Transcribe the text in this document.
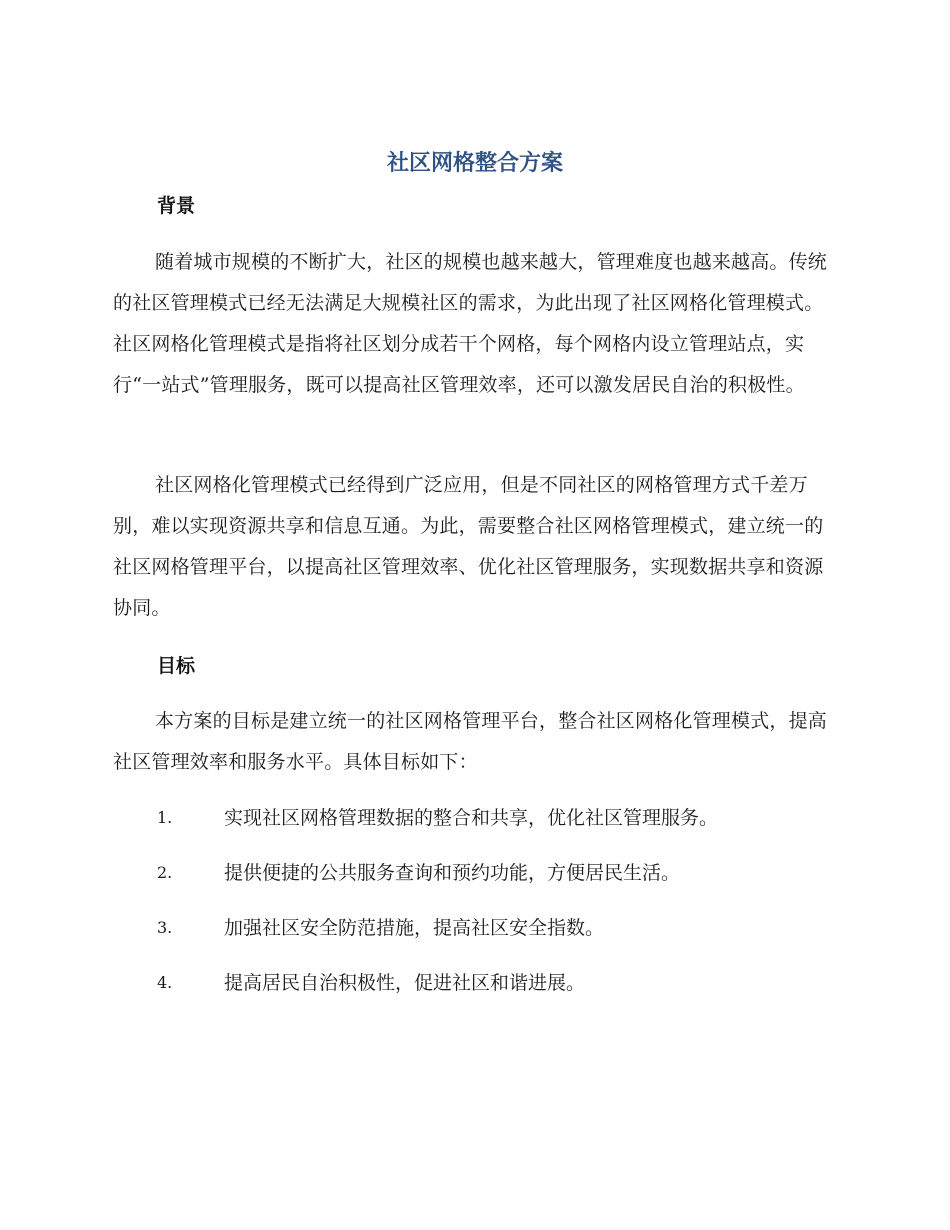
社区网格整合方案
背景

随着城市规模的不断扩大，社区的规模也越来越大，管理难度也越来越高。传统的社区管理模式已经无法满足大规模社区的需求，为此出现了社区网格化管理模式。社区网格化管理模式是指将社区划分成若干个网格，每个网格内设立管理站点，实行“一站式”管理服务，既可以提高社区管理效率，还可以激发居民自治的积极性。

社区网格化管理模式已经得到广泛应用，但是不同社区的网格管理方式千差万别，难以实现资源共享和信息互通。为此，需要整合社区网格管理模式，建立统一的社区网格管理平台，以提高社区管理效率、优化社区管理服务，实现数据共享和资源协同。

目标

本方案的目标是建立统一的社区网格管理平台，整合社区网格化管理模式，提高社区管理效率和服务水平。具体目标如下：

1.	实现社区网格管理数据的整合和共享，优化社区管理服务。
2.	提供便捷的公共服务查询和预约功能，方便居民生活。
3.	加强社区安全防范措施，提高社区安全指数。
4.	提高居民自治积极性，促进社区和谐进展。
